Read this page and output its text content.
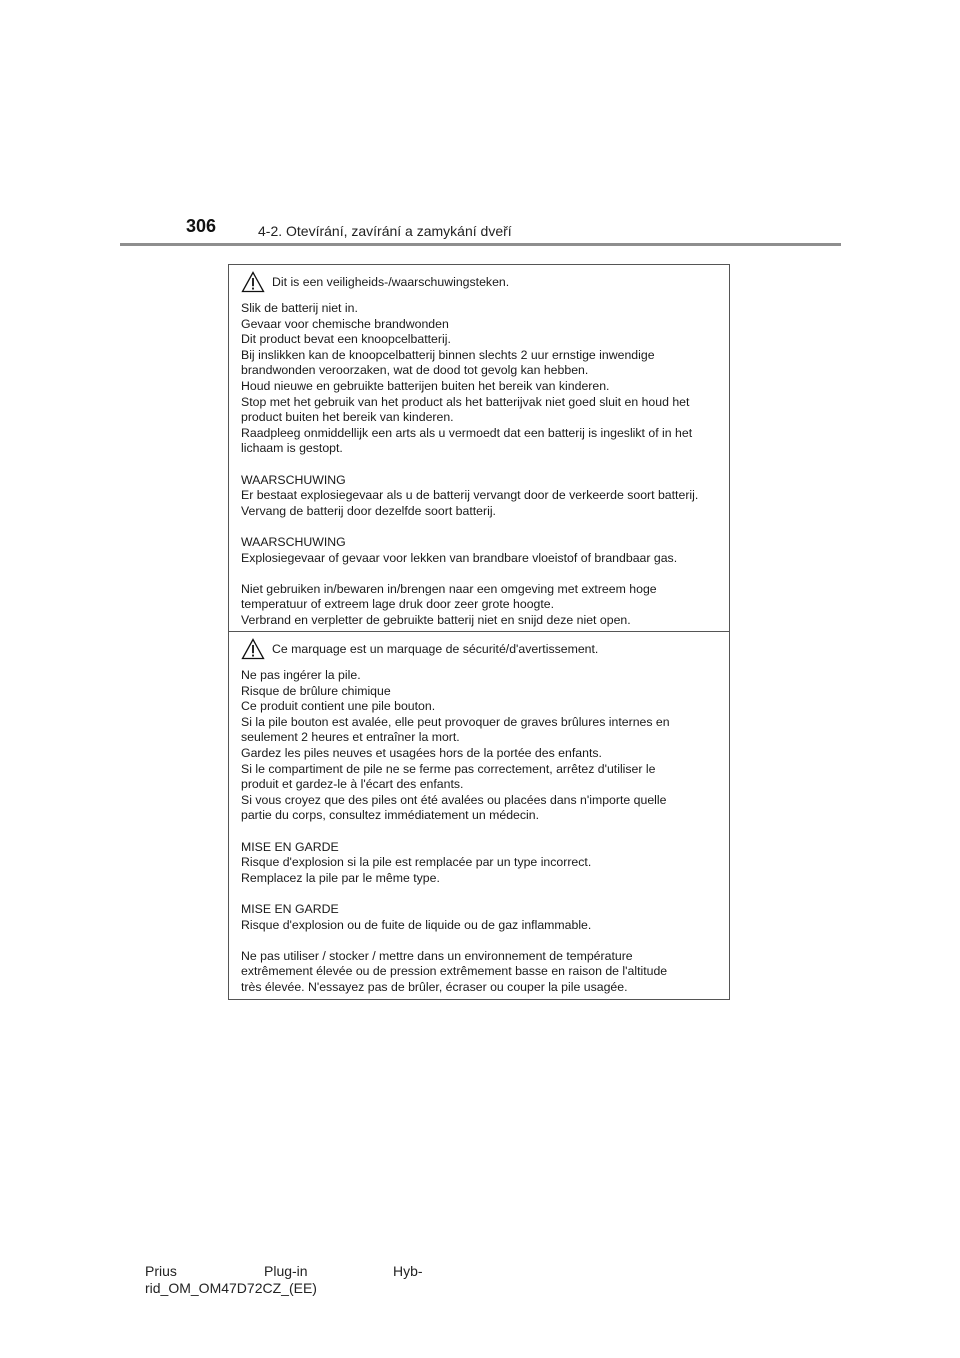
306	4-2. Otevírání, zavírání a zamykání dveří
Dit is een veiligheids-/waarschuwingsteken.
Slik de batterij niet in.
Gevaar voor chemische brandwonden
Dit product bevat een knoopcelbatterij.
Bij inslikken kan de knoopcelbatterij binnen slechts 2 uur ernstige inwendige
brandwonden veroorzaken, wat de dood tot gevolg kan hebben.
Houd nieuwe en gebruikte batterijen buiten het bereik van kinderen.
Stop met het gebruik van het product als het batterijvak niet goed sluit en houd het
product buiten het bereik van kinderen.
Raadpleeg onmiddellijk een arts als u vermoedt dat een batterij is ingeslikt of in het
lichaam is gestopt.
WAARSCHUWING
Er bestaat explosiegevaar als u de batterij vervangt door de verkeerde soort batterij.
Vervang de batterij door dezelfde soort batterij.
WAARSCHUWING
Explosiegevaar of gevaar voor lekken van brandbare vloeistof of brandbaar gas.
Niet gebruiken in/bewaren in/brengen naar een omgeving met extreem hoge
temperatuur of extreem lage druk door zeer grote hoogte.
Verbrand en verpletter de gebruikte batterij niet en snijd deze niet open.
Ce marquage est un marquage de sécurité/d'avertissement.
Ne pas ingérer la pile.
Risque de brûlure chimique
Ce produit contient une pile bouton.
Si la pile bouton est avalée, elle peut provoquer de graves brûlures internes en
seulement 2 heures et entraîner la mort.
Gardez les piles neuves et usagées hors de la portée des enfants.
Si le compartiment de pile ne se ferme pas correctement, arrêtez d'utiliser le
produit et gardez-le à l'écart des enfants.
Si vous croyez que des piles ont été avalées ou placées dans n'importe quelle
partie du corps, consultez immédiatement un médecin.
MISE EN GARDE
Risque d'explosion si la pile est remplacée par un type incorrect.
Remplacez la pile par le même type.
MISE EN GARDE
Risque d'explosion ou de fuite de liquide ou de gaz inflammable.
Ne pas utiliser / stocker / mettre dans un environnement de température
extrêmement élevée ou de pression extrêmement basse en raison de l'altitude
très élevée. N'essayez pas de brûler, écraser ou couper la pile usagée.
Prius	Plug-in	Hyb-
rid_OM_OM47D72CZ_(EE)
